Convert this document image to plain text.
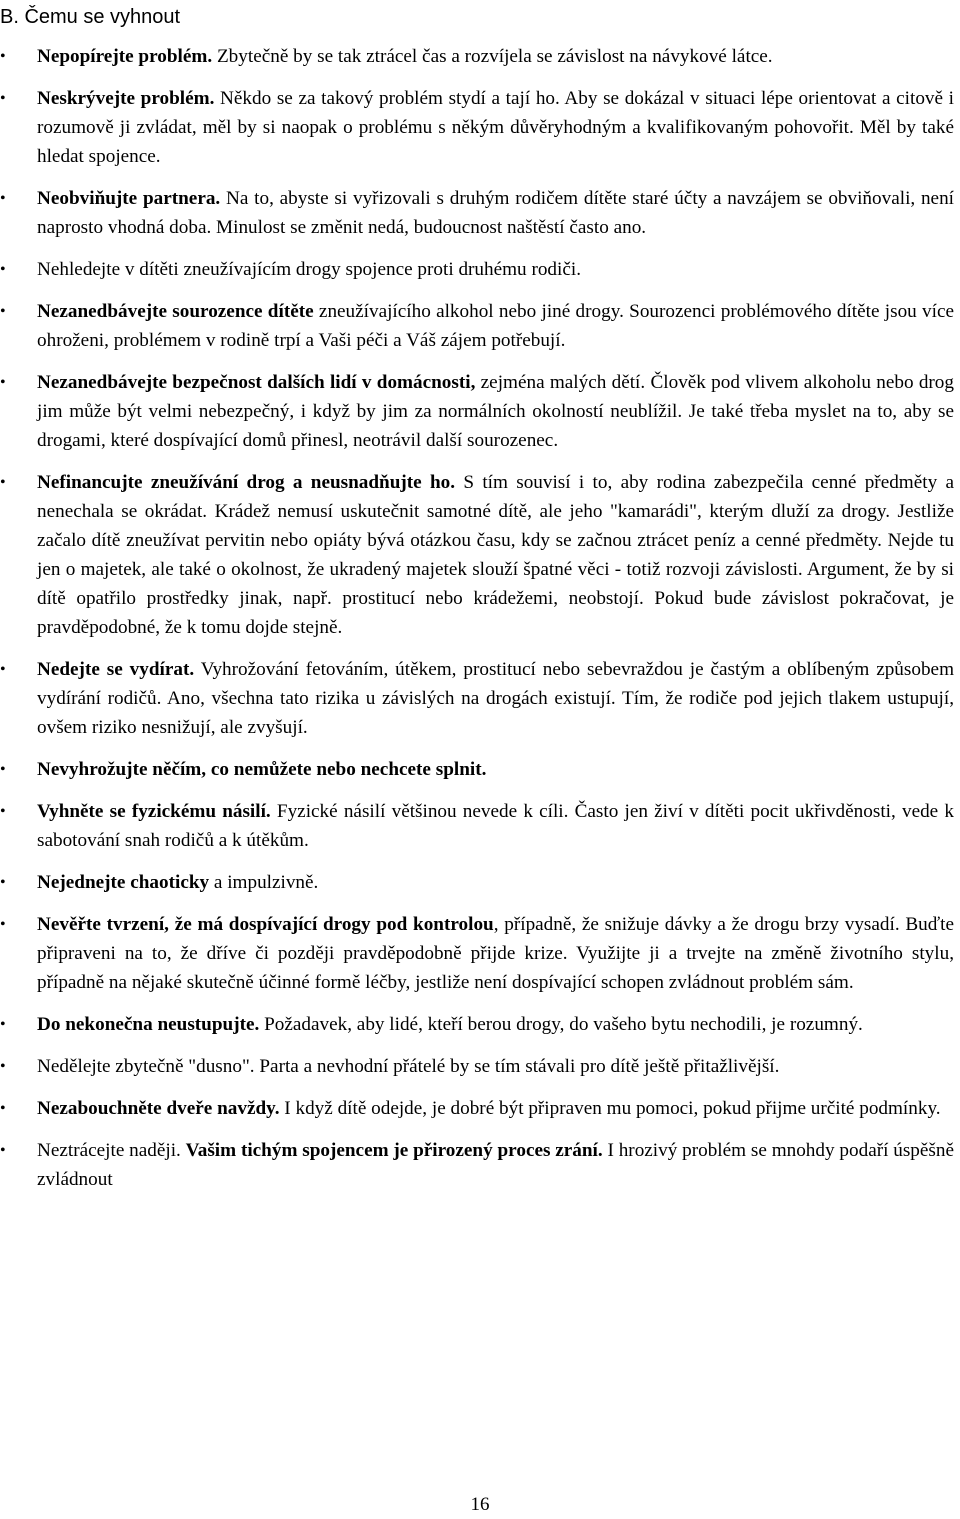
B. Čemu se vyhnout
•	Nepopírejte problém. Zbytečně by se tak ztrácel čas a rozvíjela se závislost na návykové látce.
•	Neskrývejte problém. Někdo se za takový problém stydí a tají ho. Aby se dokázal v situaci lépe orientovat a citově i rozumově ji zvládat, měl by si naopak o problému s někým důvěryhodným a kvalifikovaným pohovořit. Měl by také hledat spojence.
•	Neobviňujte partnera. Na to, abyste si vyřizovali s druhým rodičem dítěte staré účty a navzájem se obviňovali, není naprosto vhodná doba. Minulost se změnit nedá, budoucnost naštěstí často ano.
•	Nehledejte v dítěti zneužívajícím drogy spojence proti druhému rodiči.
•	Nezanedbávejte sourozence dítěte zneužívajícího alkohol nebo jiné drogy. Sourozenci problémového dítěte jsou více ohroženi, problémem v rodině trpí a Vaši péči a Váš zájem potřebují.
•	Nezanedbávejte bezpečnost dalších lidí v domácnosti, zejména malých dětí. Člověk pod vlivem alkoholu nebo drog jim může být velmi nebezpečný, i když by jim za normálních okolností neublížil. Je také třeba myslet na to, aby se drogami, které dospívající domů přinesl, neotrávil další sourozenec.
•	Nefinancujte zneužívání drog a neusnadňujte ho. S tím souvisí i to, aby rodina zabezpečila cenné předměty a nenechala se okrádat. Krádež nemusí uskutečnit samotné dítě, ale jeho "kamarádi", kterým dluží za drogy. Jestliže začalo dítě zneužívat pervitin nebo opiáty bývá otázkou času, kdy se začnou ztrácet peníz a cenné předměty. Nejde tu jen o majetek, ale také o okolnost, že ukradený majetek slouží špatné věci - totiž rozvoji závislosti. Argument, že by si dítě opatřilo prostředky jinak, např. prostitucí nebo krádežemi, neobstojí. Pokud bude závislost pokračovat, je pravděpodobné, že k tomu dojde stejně.
•	Nedejte se vydírat. Vyhrožování fetováním, útěkem, prostitucí nebo sebevraždou je častým a oblíbeným způsobem vydírání rodičů. Ano, všechna tato rizika u závislých na drogách existují. Tím, že rodiče pod jejich tlakem ustupují, ovšem riziko nesnižují, ale zvyšují.
•	Nevyhrožujte něčím, co nemůžete nebo nechcete splnit.
•	Vyhněte se fyzickému násilí. Fyzické násilí většinou nevede k cíli. Často jen živí v dítěti pocit ukřivděnosti, vede k sabotování snah rodičů a k útěkům.
•	Nejednejte chaoticky a impulzivně.
•	Nevěřte tvrzení, že má dospívající drogy pod kontrolou, případně, že snižuje dávky a že drogu brzy vysadí. Buďte připraveni na to, že dříve či později pravděpodobně přijde krize. Využijte ji a trvejte na změně životního stylu, případně na nějaké skutečně účinné formě léčby, jestliže není dospívající schopen zvládnout problém sám.
•	Do nekonečna neustupujte. Požadavek, aby lidé, kteří berou drogy, do vašeho bytu nechodili, je rozumný.
•	Nedělejte zbytečně "dusno". Parta a nevhodní přátelé by se tím stávali pro dítě ještě přitažlivější.
•	Nezabouchněte dveře navždy. I když dítě odejde, je dobré být připraven mu pomoci, pokud přijme určité podmínky.
•	Neztrácejte naději. Vašim tichým spojencem je přirozený proces zrání. I hrozivý problém se mnohdy podaří úspěšně zvládnout
16
